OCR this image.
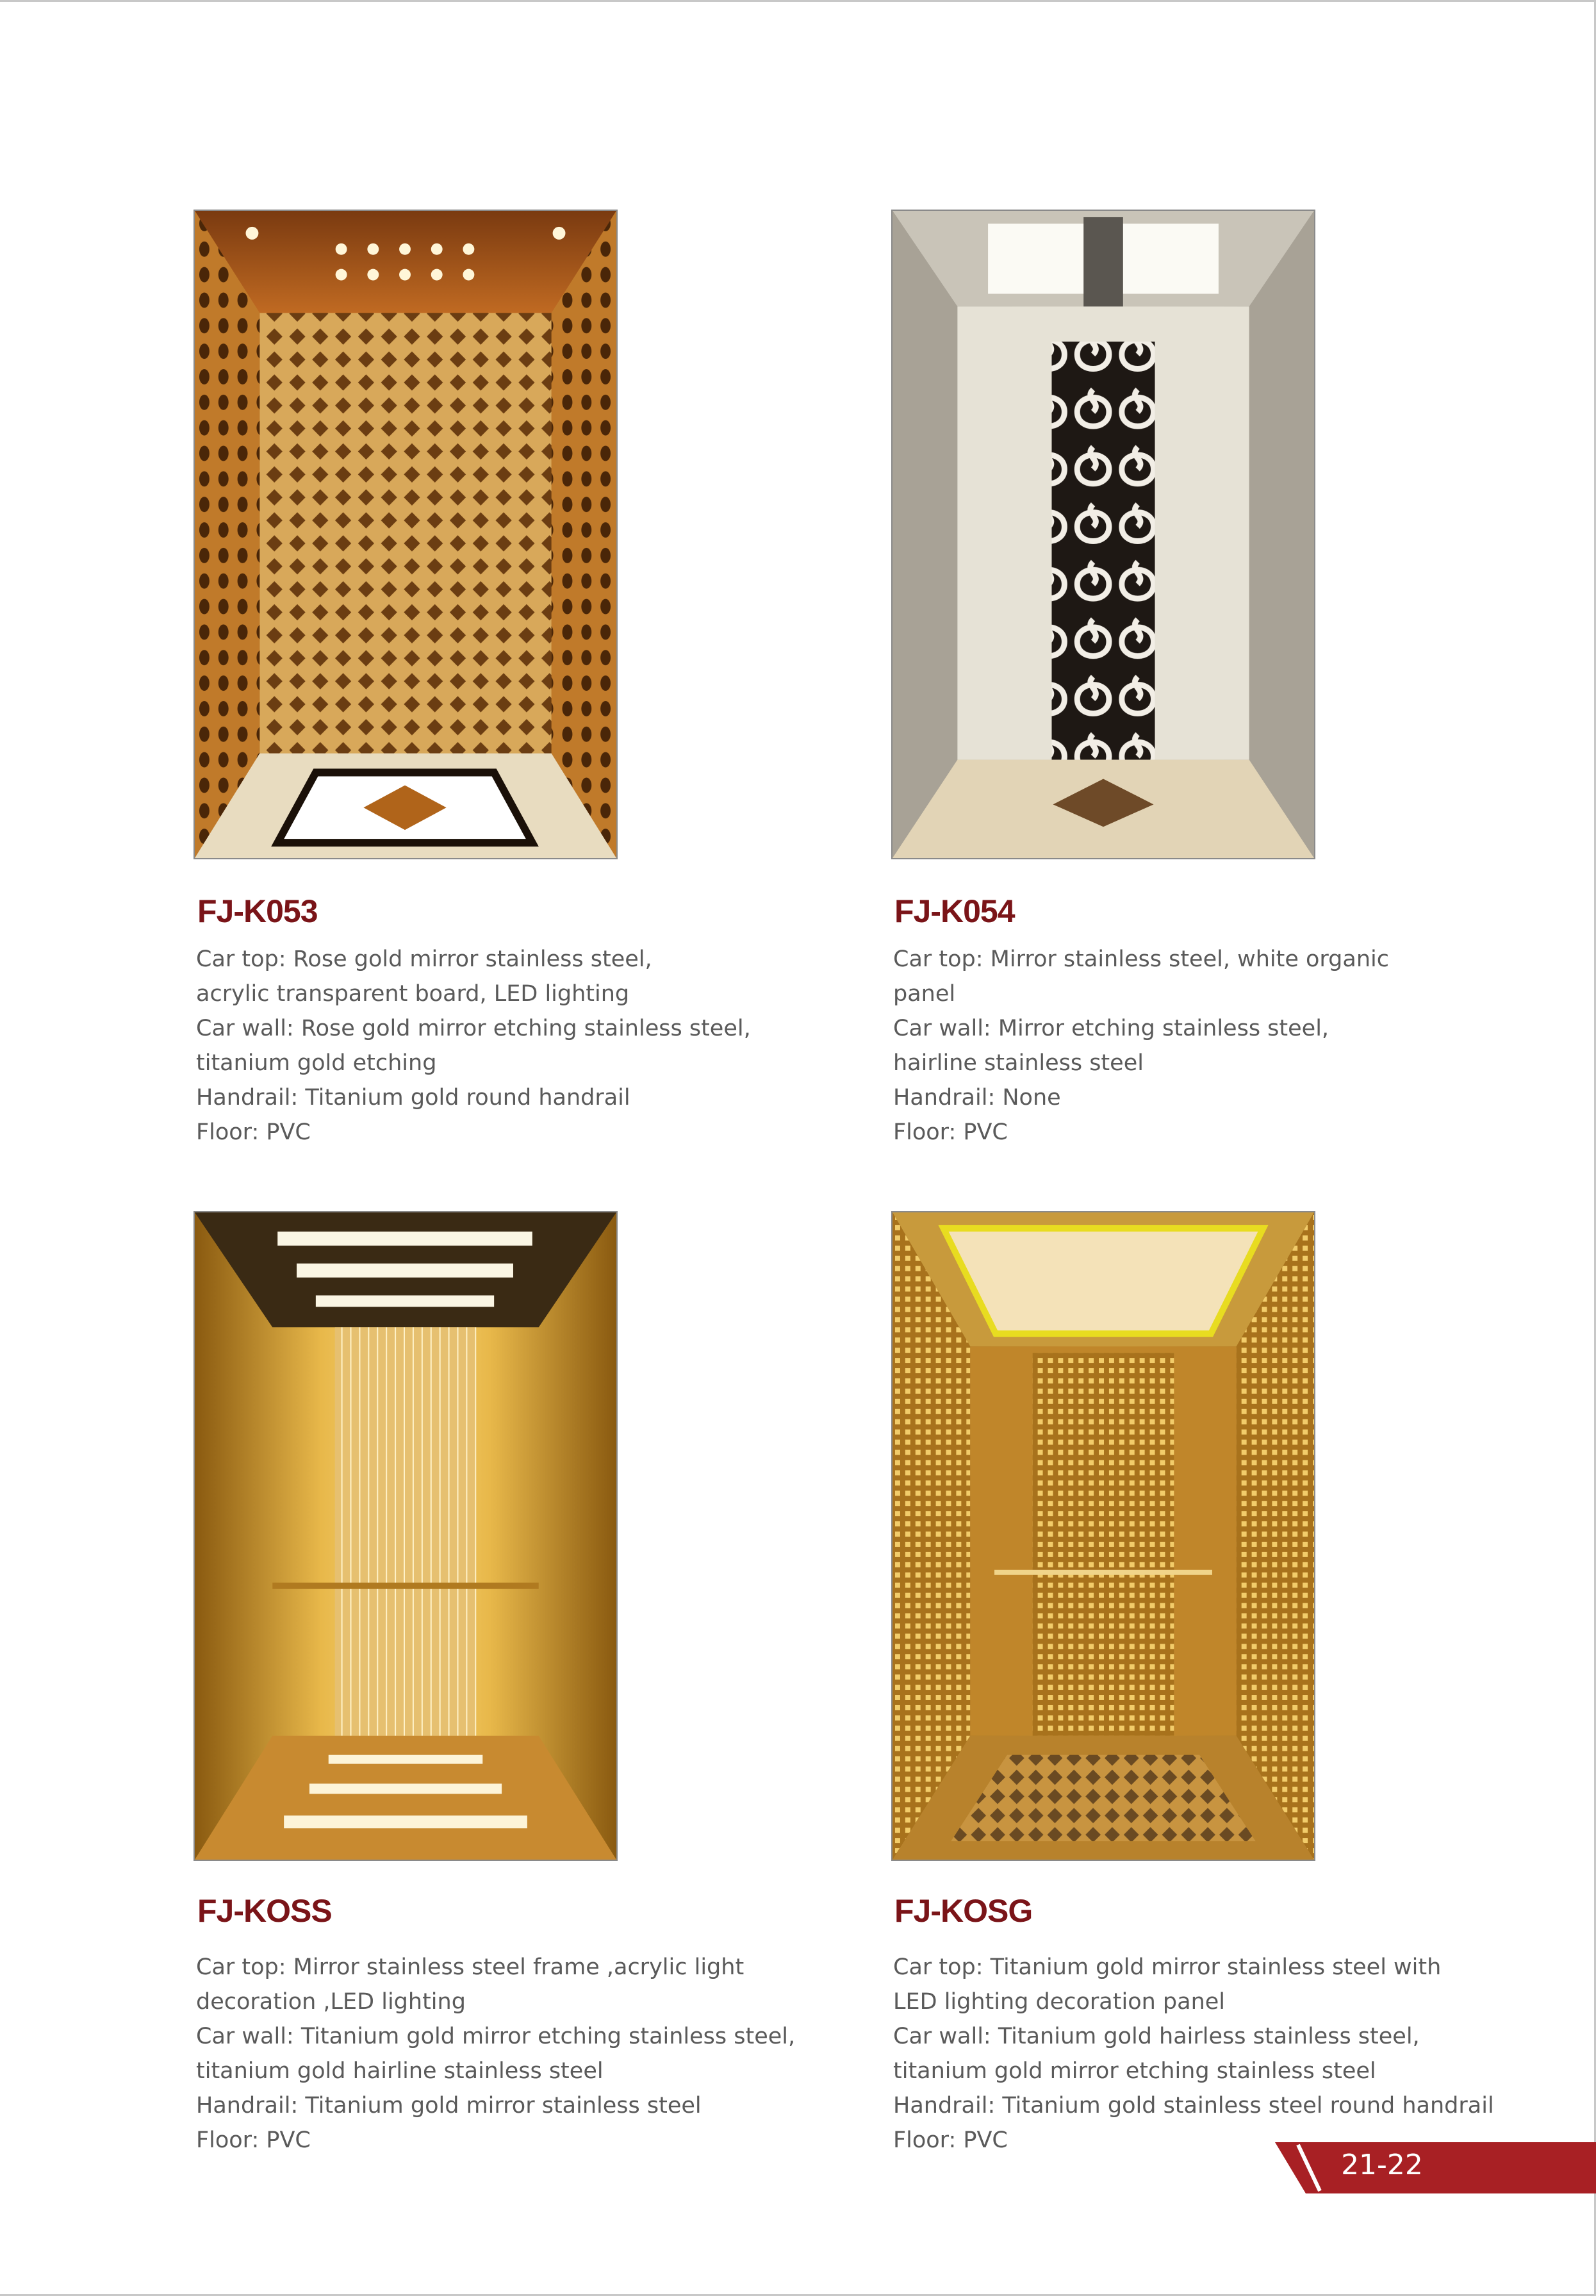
FJ-K053
Car top: Rose gold mirror stainless steel,
acrylic transparent board, LED lighting
Car wall: Rose gold mirror etching stainless steel,
titanium gold etching
Handrail: Titanium gold round handrail
Floor: PVC
FJ-K054
Car top: Mirror stainless steel, white organic
panel
Car wall: Mirror etching stainless steel,
hairline stainless steel
Handrail: None
Floor: PVC
FJ-KOSS
Car top: Mirror stainless steel frame ,acrylic light
decoration ,LED lighting
Car wall: Titanium gold mirror etching stainless steel,
titanium gold hairline stainless steel
Handrail: Titanium gold mirror stainless steel
Floor: PVC
FJ-KOSG
Car top: Titanium gold mirror stainless steel with
LED lighting decoration panel
Car wall: Titanium gold hairless stainless steel,
titanium gold mirror etching stainless steel
Handrail: Titanium gold stainless steel round handrail
Floor: PVC
21-22
